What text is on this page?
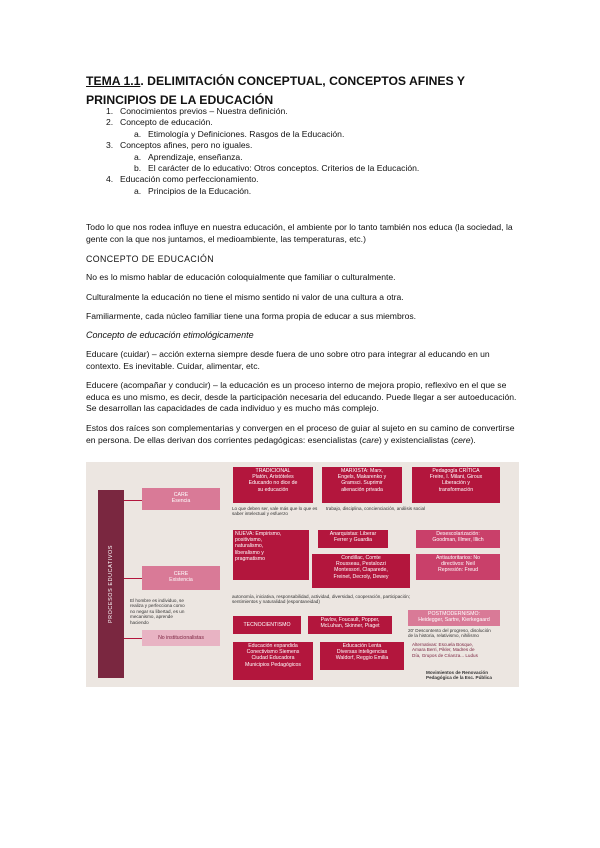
TEMA 1.1. DELIMITACIÓN CONCEPTUAL, CONCEPTOS AFINES Y PRINCIPIOS DE LA EDUCACIÓN
1. Conocimientos previos – Nuestra definición.
2. Concepto de educación.
a. Etimología y Definiciones. Rasgos de la Educación.
3. Conceptos afines, pero no iguales.
a. Aprendizaje, enseñanza.
b. El carácter de lo educativo: Otros conceptos. Criterios de la Educación.
4. Educación como perfeccionamiento.
a. Principios de la Educación.
Todo lo que nos rodea influye en nuestra educación, el ambiente por lo tanto también nos educa (la sociedad, la gente con la que nos juntamos, el medioambiente, las temperaturas, etc.)
CONCEPTO DE EDUCACIÓN
No es lo mismo hablar de educación coloquialmente que familiar o culturalmente.
Culturalmente la educación no tiene el mismo sentido ni valor de una cultura a otra.
Familiarmente, cada núcleo familiar tiene una forma propia de educar a sus miembros.
Concepto de educación etimológicamente
Educare (cuidar) – acción externa siempre desde fuera de uno sobre otro para integrar al educando en un contexto. Es inevitable. Cuidar, alimentar, etc.
Educere (acompañar y conducir) – la educación es un proceso interno de mejora propio, reflexivo en el que se educa es uno mismo, es decir, desde la participación necesaria del educando. Puede llegar a ser autoeducación. Se desarrollan las capacidades de cada individuo y es mucho más complejo.
Estos dos raíces son complementarias y convergen en el proceso de guiar al sujeto en su camino de convertirse en persona. De ellas derivan dos corrientes pedagógicas: esencialistas (care) y existencialistas (cere).
PROCESOS EDUCATIVOS
CARE
Esencia
CERE
Existencia
No institucionalistas
TRADICIONAL
Platón, Aristóteles
Educando no dice de
su educación
MARXISTA: Marx,
Engels, Makarenko y
Gramsci. Suprimir
alienación privada
Pedagogía CRÍTICA
Freire, I. Milani, Giroux
Liberación y
transformación
Lo que deben ser, vale más que lo que es
saber intelectual y esfuerzo
trabajo, disciplina, concienciación, análisis social
NUEVA: Empirismo,
positivismo,
naturalismo,
liberalismo y
pragmatismo
Anarquistas: Liberar
Ferrer y Guardia
Desescolarización:
Goodman, Illmer, Illich
Condillac, Comte
Rousseau, Pestalozzi
Montessori, Claparede,
Freinet, Decroly, Dewey
Antiautoritarios: No
directivos: Neil
Represión: Freud
autonomía, iniciativa, responsabilidad, actividad, diversidad, cooperación, participación;
sentimientos y naturalidad (espontaneidad)
El hombre es individuo, se
realiza y perfecciona como
no negar su libertad, es un
mecanismo, aprende
haciendo	TECNOCIENTISMO
Pavlov, Foucault, Popper,
McLuhan, Skinner, Piaget
POSTMODERNISMO:
Heidegger, Sartre, Kierkegaard
20' Descontento del progreso, disolución
de la historia, relativismo, nihilismo
Educación expandida
Conectivismo Siemens
Ciudad Educadora
Municipios Pedagógicos
Educación Lenta
Diversas inteligencias
Waldorf, Reggio Emilia
Alternativas: Escuela Bosque,
Amara Berri, Pikler, Madres de
Día, Grupos de Crianza... Ludus
Movimientos de Renovación
Pedagógica de la Esc. Pública
